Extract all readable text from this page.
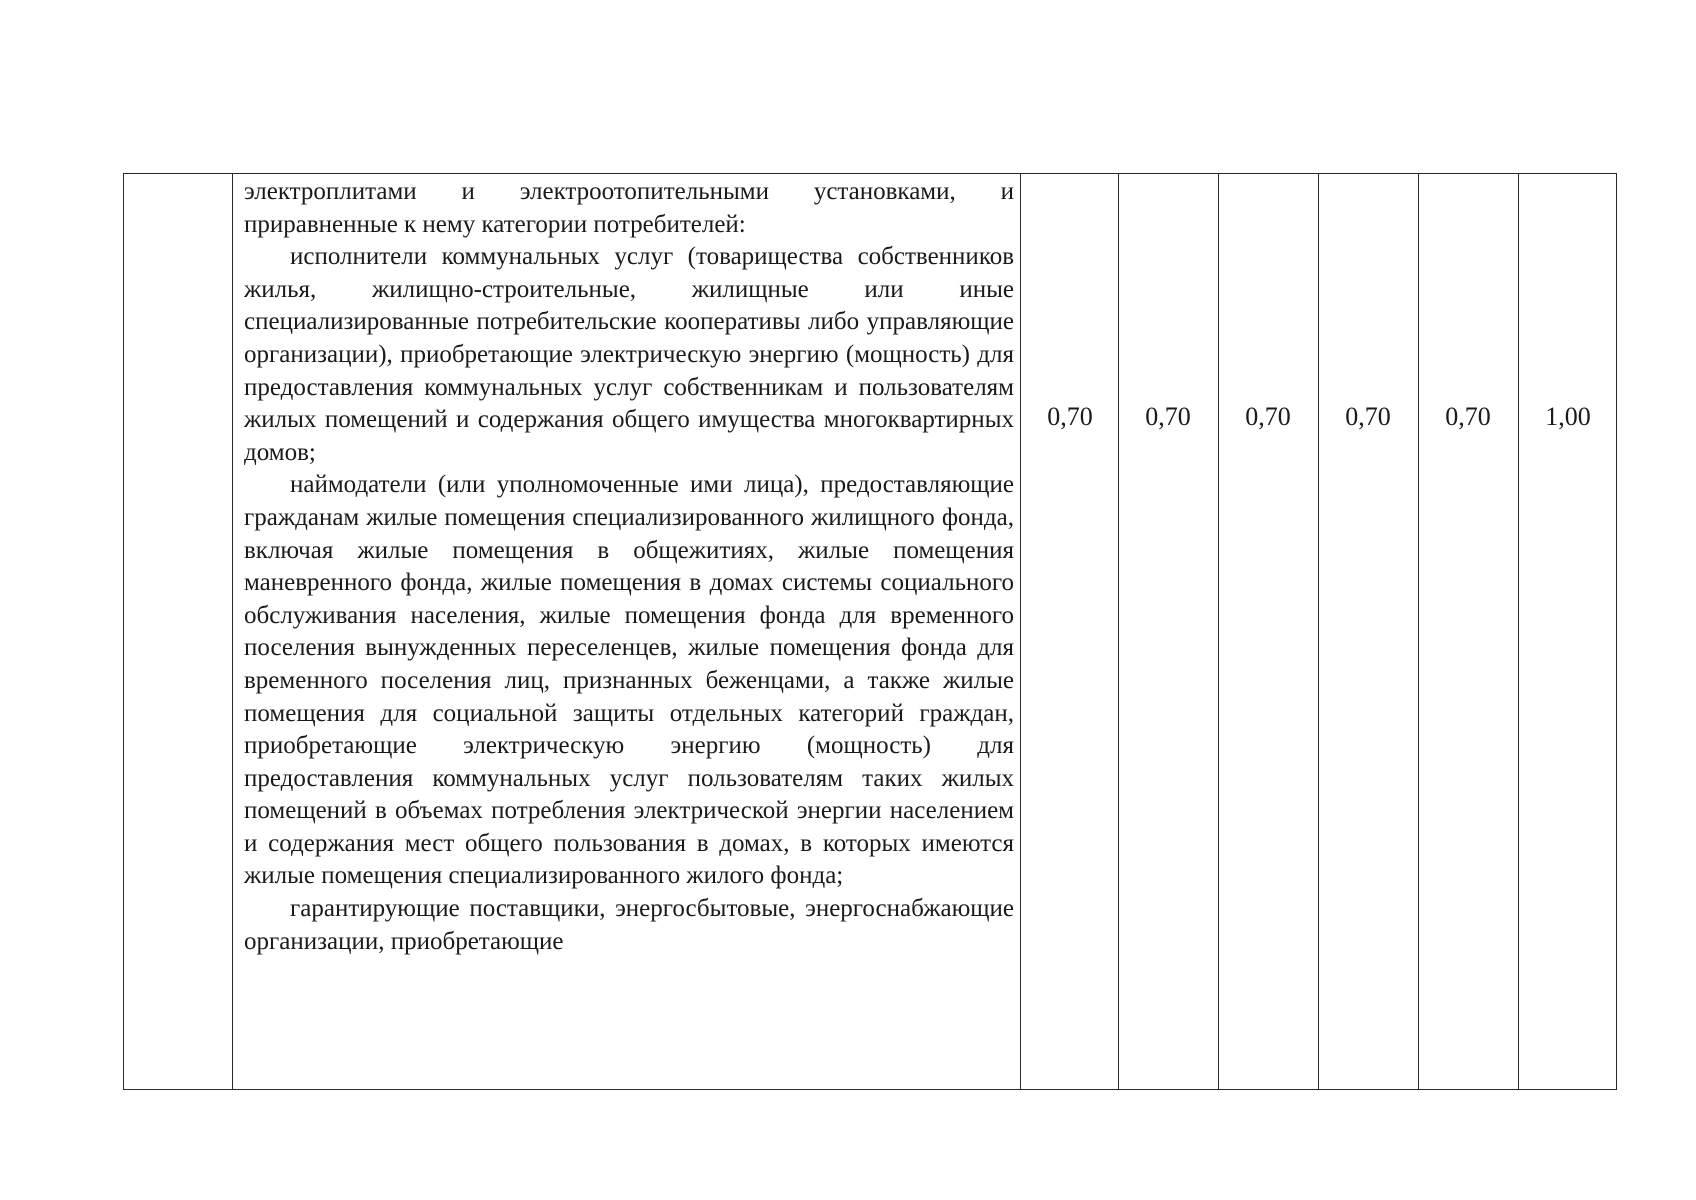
электроплитами и электроотопительными установками, и приравненные к нему категории потребителей:

исполнители коммунальных услуг (товарищества собственников жилья, жилищно-строительные, жилищные или иные специализированные потребительские кооперативы либо управляющие организации), приобретающие электрическую энергию (мощность) для предоставления коммунальных услуг собственникам и пользователям жилых помещений и содержания общего имущества многоквартирных домов;

наймодатели (или уполномоченные ими лица), предоставляющие гражданам жилые помещения специализированного жилищного фонда, включая жилые помещения в общежитиях, жилые помещения маневренного фонда, жилые помещения в домах системы социального обслуживания населения, жилые помещения фонда для временного поселения вынужденных переселенцев, жилые помещения фонда для временного поселения лиц, признанных беженцами, а также жилые помещения для социальной защиты отдельных категорий граждан, приобретающие электрическую энергию (мощность) для предоставления коммунальных услуг пользователям таких жилых помещений в объемах потребления электрической энергии населением и содержания мест общего пользования в домах, в которых имеются жилые помещения специализированного жилого фонда;

гарантирующие поставщики, энергосбытовые, энергоснабжающие организации, приобретающие

0,70	0,70	0,70	0,70	0,70	1,00
